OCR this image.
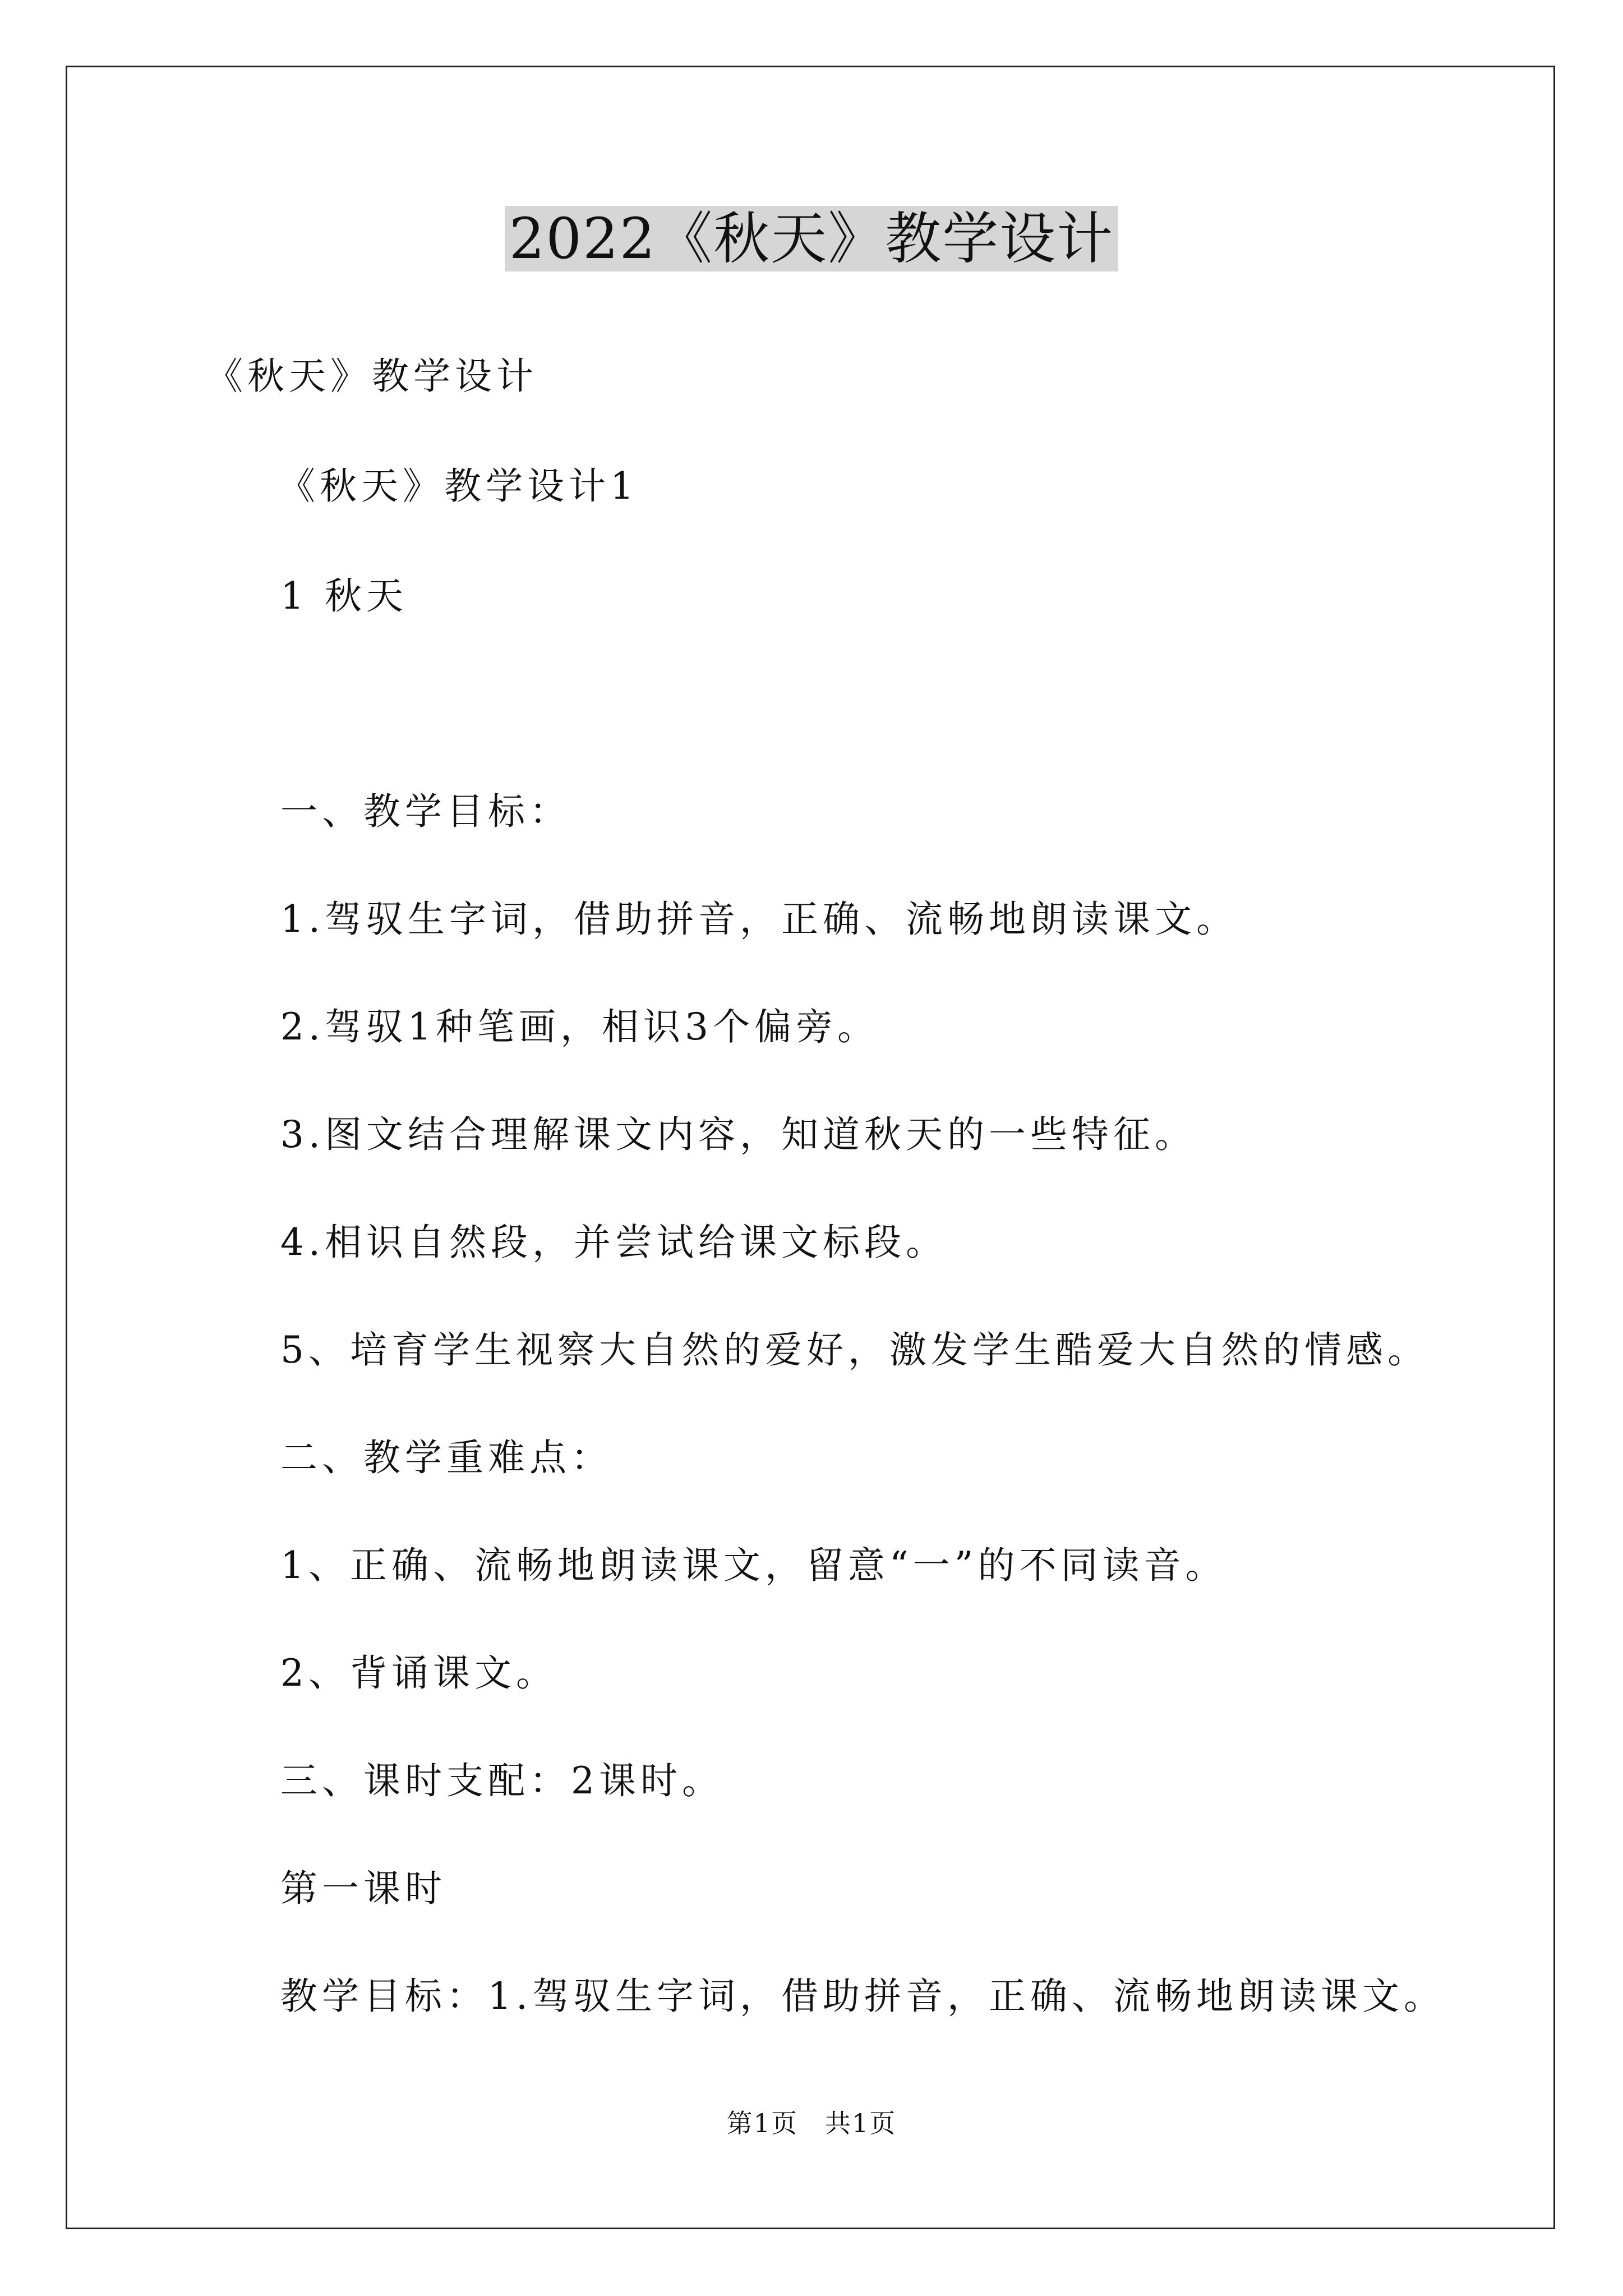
2022《秋天》教学设计
《秋天》教学设计
《秋天》教学设计1
1 秋天
一、教学目标：
1.驾驭生字词，借助拼音，正确、流畅地朗读课文。
2.驾驭1种笔画，相识3个偏旁。
3.图文结合理解课文内容，知道秋天的一些特征。
4.相识自然段，并尝试给课文标段。
5、培育学生视察大自然的爱好，激发学生酷爱大自然的情感。
二、教学重难点：
1、正确、流畅地朗读课文，留意“一”的不同读音。
2、背诵课文。
三、课时支配：2课时。
第一课时
教学目标：1.驾驭生字词，借助拼音，正确、流畅地朗读课文。
第1页　共1页
